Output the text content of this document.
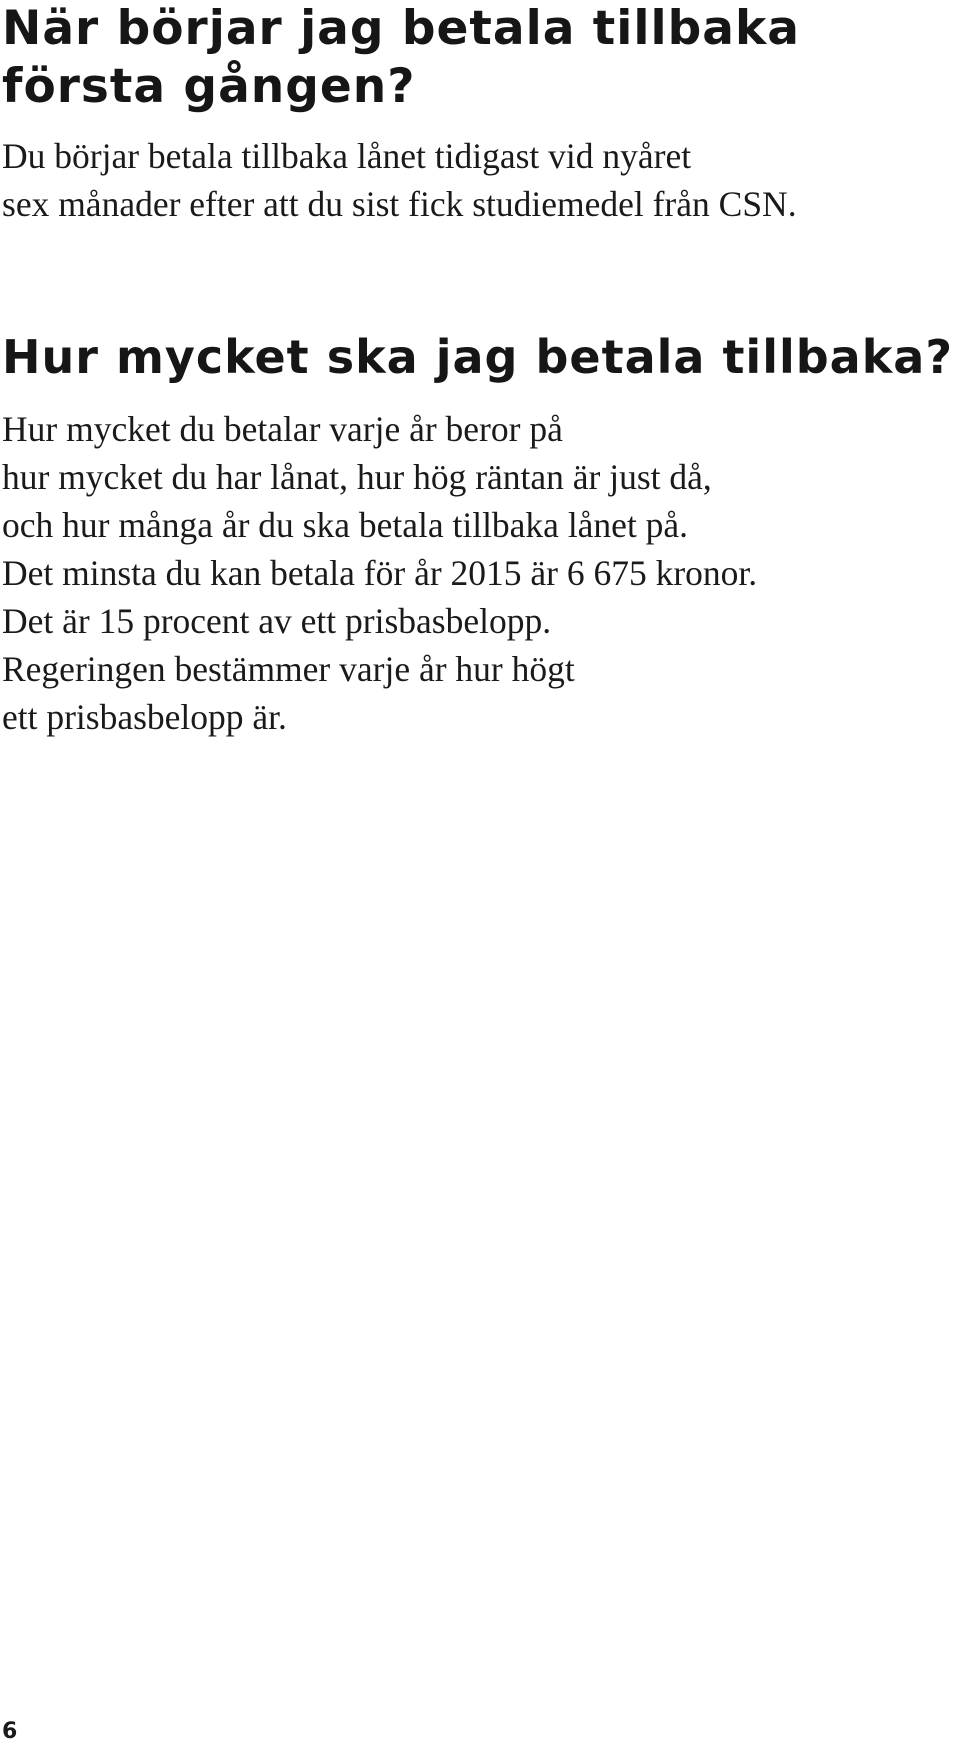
När börjar jag betala tillbaka
första gången?

Du börjar betala tillbaka lånet tidigast vid nyåret
sex månader efter att du sist fick studiemedel från CSN.

Hur mycket ska jag betala tillbaka?

Hur mycket du betalar varje år beror på
hur mycket du har lånat, hur hög räntan är just då,
och hur många år du ska betala tillbaka lånet på.
Det minsta du kan betala för år 2015 är 6 675 kronor.
Det är 15 procent av ett prisbasbelopp.
Regeringen bestämmer varje år hur högt
ett prisbasbelopp är.

6
